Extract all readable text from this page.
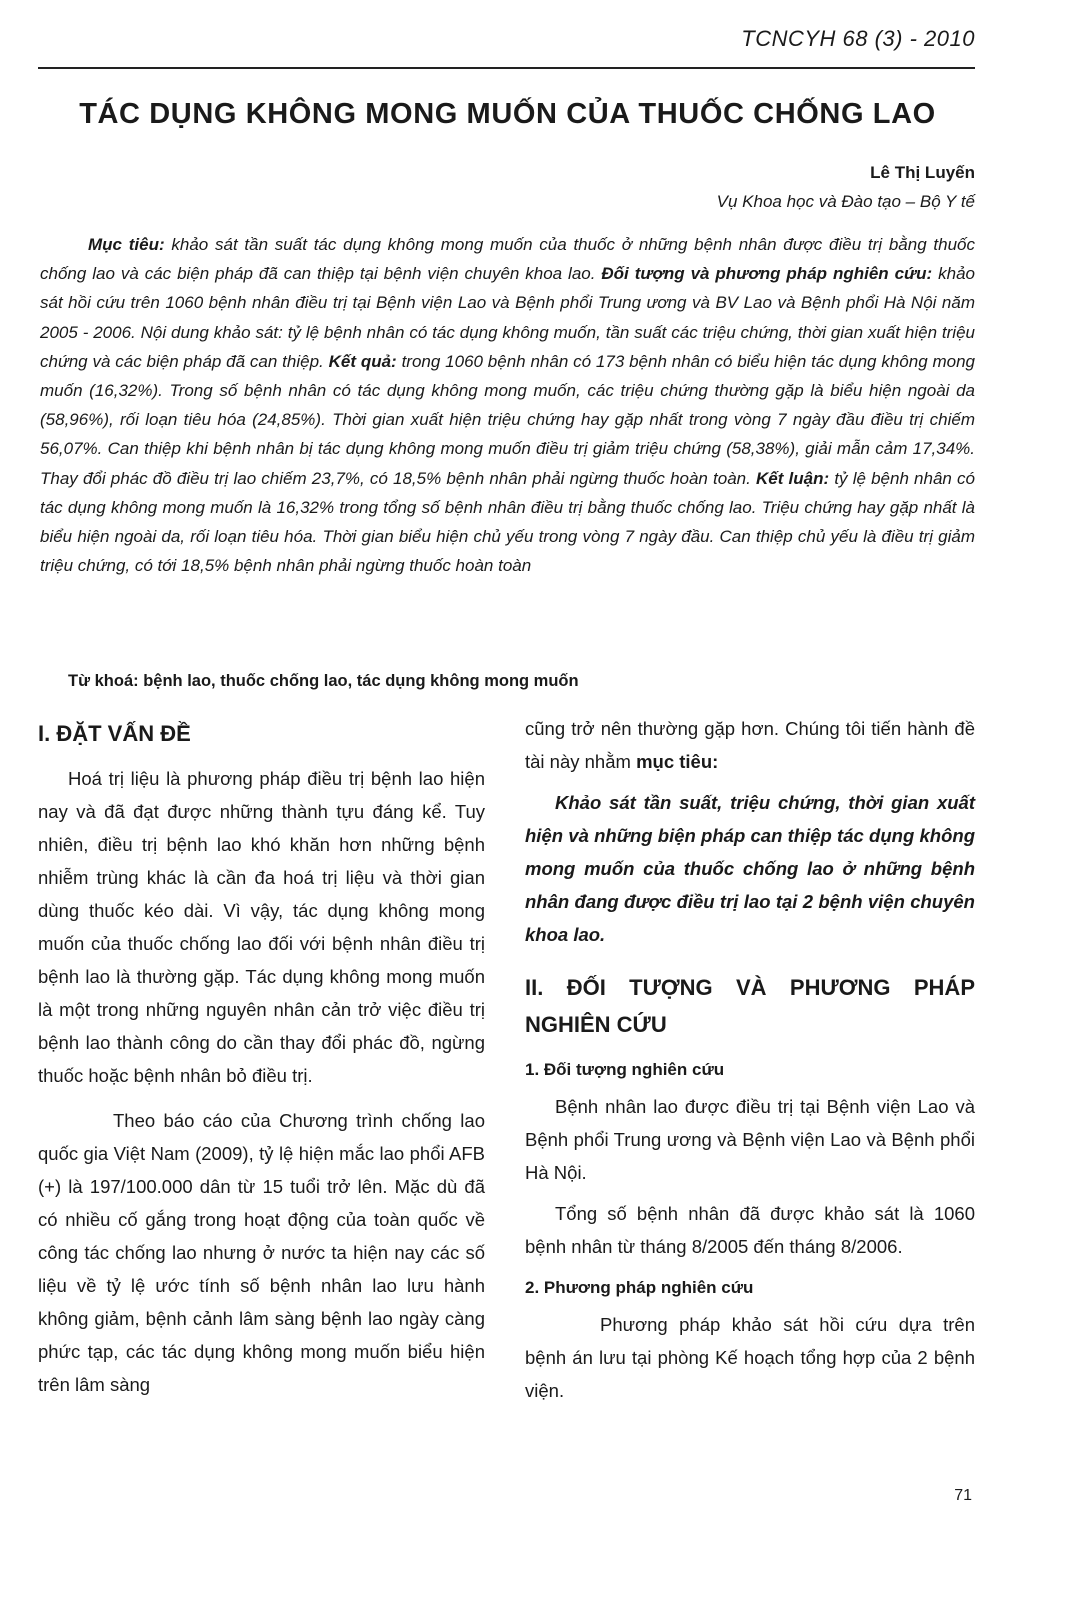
TCNCYH 68 (3) - 2010
TÁC DỤNG KHÔNG MONG MUỐN CỦA THUỐC CHỐNG LAO
Lê Thị Luyến
Vụ Khoa học và Đào tạo – Bộ Y tế

Mục tiêu: khảo sát tần suất tác dụng không mong muốn của thuốc ở những bệnh nhân được điều trị bằng thuốc chống lao và các biện pháp đã can thiệp tại bệnh viện chuyên khoa lao. Đối tượng và phương pháp nghiên cứu: khảo sát hồi cứu trên 1060 bệnh nhân điều trị tại Bệnh viện Lao và Bệnh phổi Trung ương và BV Lao và Bệnh phổi Hà Nội năm 2005 - 2006. Nội dung khảo sát: tỷ lệ bệnh nhân có tác dụng không muốn, tần suất các triệu chứng, thời gian xuất hiện triệu chứng và các biện pháp đã can thiệp. Kết quả: trong 1060 bệnh nhân có 173 bệnh nhân có biểu hiện tác dụng không mong muốn (16,32%). Trong số bệnh nhân có tác dụng không mong muốn, các triệu chứng thường gặp là biểu hiện ngoài da (58,96%), rối loạn tiêu hóa (24,85%). Thời gian xuất hiện triệu chứng hay gặp nhất trong vòng 7 ngày đầu điều trị chiếm 56,07%. Can thiệp khi bệnh nhân bị tác dụng không mong muốn điều trị giảm triệu chứng (58,38%), giải mẫn cảm 17,34%. Thay đổi phác đồ điều trị lao chiếm 23,7%, có 18,5% bệnh nhân phải ngừng thuốc hoàn toàn. Kết luận: tỷ lệ bệnh nhân có tác dụng không mong muốn là 16,32% trong tổng số bệnh nhân điều trị bằng thuốc chống lao. Triệu chứng hay gặp nhất là biểu hiện ngoài da, rối loạn tiêu hóa. Thời gian biểu hiện chủ yếu trong vòng 7 ngày đầu. Can thiệp chủ yếu là điều trị giảm triệu chứng, có tới 18,5% bệnh nhân phải ngừng thuốc hoàn toàn

Từ khoá: bệnh lao, thuốc chống lao, tác dụng không mong muốn

I. ĐẶT VẤN ĐỀ

Hoá trị liệu là phương pháp điều trị bệnh lao hiện nay và đã đạt được những thành tựu đáng kể. Tuy nhiên, điều trị bệnh lao khó khăn hơn những bệnh nhiễm trùng khác là cần đa hoá trị liệu và thời gian dùng thuốc kéo dài. Vì vậy, tác dụng không mong muốn của thuốc chống lao đối với bệnh nhân điều trị bệnh lao là thường gặp. Tác dụng không mong muốn là một trong những nguyên nhân cản trở việc điều trị bệnh lao thành công do cần thay đổi phác đồ, ngừng thuốc hoặc bệnh nhân bỏ điều trị.

Theo báo cáo của Chương trình chống lao quốc gia Việt Nam (2009), tỷ lệ hiện mắc lao phổi AFB (+) là 197/100.000 dân từ 15 tuổi trở lên. Mặc dù đã có nhiều cố gắng trong hoạt động của toàn quốc về công tác chống lao nhưng ở nước ta hiện nay các số liệu về tỷ lệ ước tính số bệnh nhân lao lưu hành không giảm, bệnh cảnh lâm sàng bệnh lao ngày càng phức tạp, các tác dụng không mong muốn biểu hiện trên lâm sàng

cũng trở nên thường gặp hơn. Chúng tôi tiến hành đề tài này nhằm mục tiêu:

Khảo sát tần suất, triệu chứng, thời gian xuất hiện và những biện pháp can thiệp tác dụng không mong muốn của thuốc chống lao ở những bệnh nhân đang được điều trị lao tại 2 bệnh viện chuyên khoa lao.

II. ĐỐI TƯỢNG VÀ PHƯƠNG PHÁP

NGHIÊN CỨU

1. Đối tượng nghiên cứu

Bệnh nhân lao được điều trị tại Bệnh viện Lao và Bệnh phổi Trung ương và Bệnh viện Lao và Bệnh phổi Hà Nội.

Tổng số bệnh nhân đã được khảo sát là 1060 bệnh nhân từ tháng 8/2005 đến tháng 8/2006.

2. Phương pháp nghiên cứu

Phương pháp khảo sát hồi cứu dựa trên bệnh án lưu tại phòng Kế hoạch tổng hợp của 2 bệnh viện.

71
